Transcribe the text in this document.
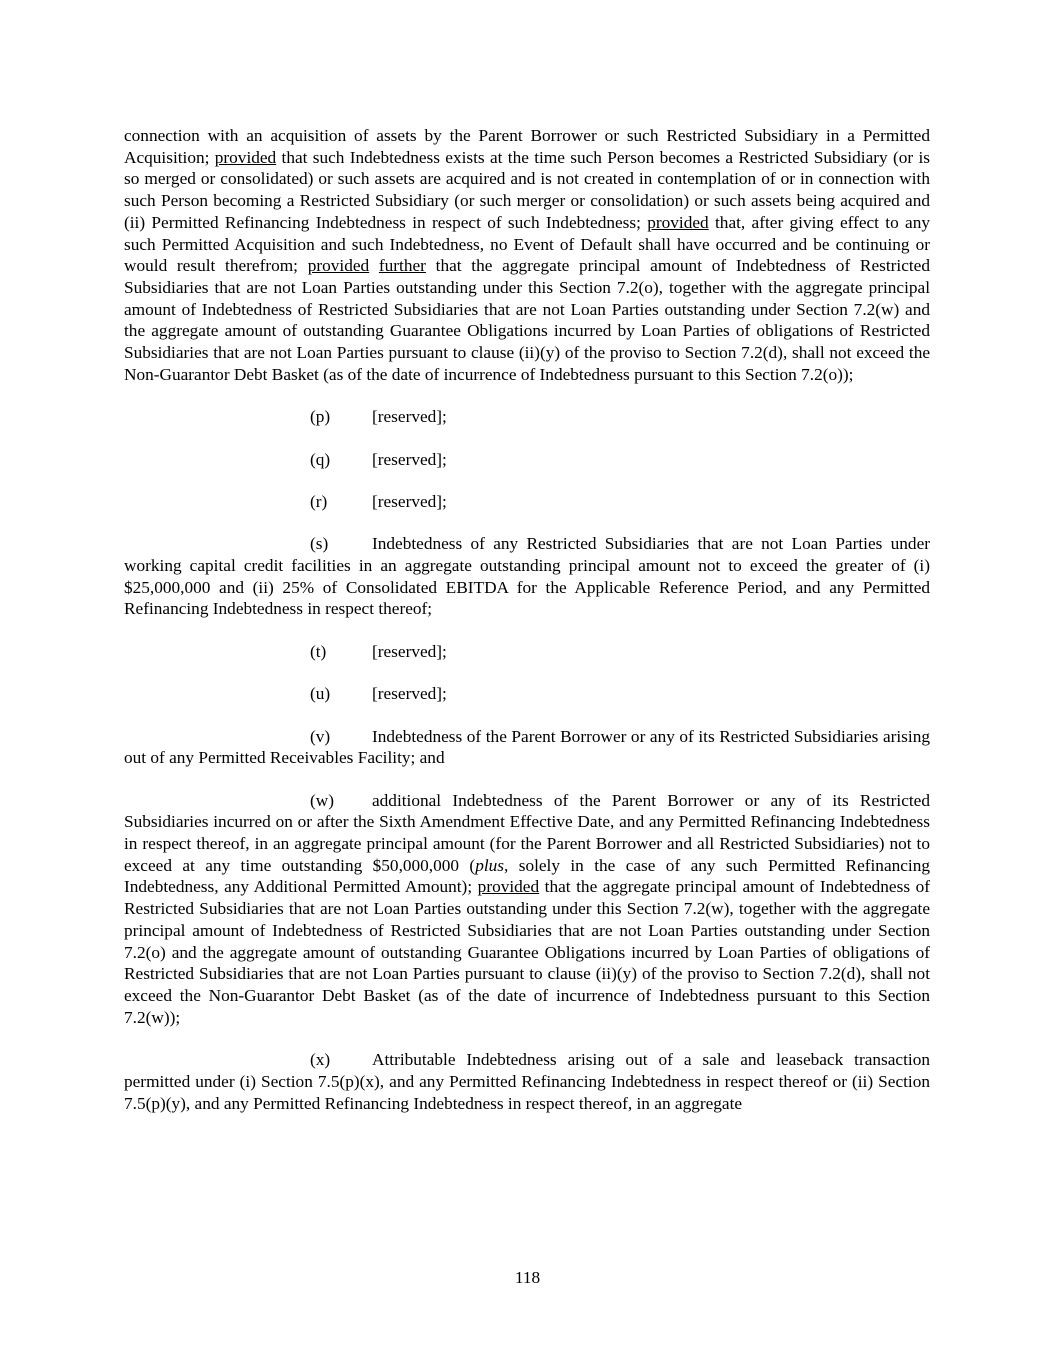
connection with an acquisition of assets by the Parent Borrower or such Restricted Subsidiary in a Permitted Acquisition; provided that such Indebtedness exists at the time such Person becomes a Restricted Subsidiary (or is so merged or consolidated) or such assets are acquired and is not created in contemplation of or in connection with such Person becoming a Restricted Subsidiary (or such merger or consolidation) or such assets being acquired and (ii) Permitted Refinancing Indebtedness in respect of such Indebtedness; provided that, after giving effect to any such Permitted Acquisition and such Indebtedness, no Event of Default shall have occurred and be continuing or would result therefrom; provided further that the aggregate principal amount of Indebtedness of Restricted Subsidiaries that are not Loan Parties outstanding under this Section 7.2(o), together with the aggregate principal amount of Indebtedness of Restricted Subsidiaries that are not Loan Parties outstanding under Section 7.2(w) and the aggregate amount of outstanding Guarantee Obligations incurred by Loan Parties of obligations of Restricted Subsidiaries that are not Loan Parties pursuant to clause (ii)(y) of the proviso to Section 7.2(d), shall not exceed the Non-Guarantor Debt Basket (as of the date of incurrence of Indebtedness pursuant to this Section 7.2(o));

(p) [reserved];

(q) [reserved];

(r)	[reserved];

(s)	Indebtedness of any Restricted Subsidiaries that are not Loan Parties under working capital credit facilities in an aggregate outstanding principal amount not to exceed the greater of (i) $25,000,000 and (ii) 25% of Consolidated EBITDA for the Applicable Reference Period, and any Permitted Refinancing Indebtedness in respect thereof;

(t)	[reserved];

(u) [reserved];

(v) Indebtedness of the Parent Borrower or any of its Restricted Subsidiaries arising out of any Permitted Receivables Facility; and

(w) additional Indebtedness of the Parent Borrower or any of its Restricted Subsidiaries incurred on or after the Sixth Amendment Effective Date, and any Permitted Refinancing Indebtedness in respect thereof, in an aggregate principal amount (for the Parent Borrower and all Restricted Subsidiaries) not to exceed at any time outstanding $50,000,000 (plus, solely in the case of any such Permitted Refinancing Indebtedness, any Additional Permitted Amount); provided that the aggregate principal amount of Indebtedness of Restricted Subsidiaries that are not Loan Parties outstanding under this Section 7.2(w), together with the aggregate principal amount of Indebtedness of Restricted Subsidiaries that are not Loan Parties outstanding under Section 7.2(o) and the aggregate amount of outstanding Guarantee Obligations incurred by Loan Parties of obligations of Restricted Subsidiaries that are not Loan Parties pursuant to clause (ii)(y) of the proviso to Section 7.2(d), shall not exceed the Non-Guarantor Debt Basket (as of the date of incurrence of Indebtedness pursuant to this Section 7.2(w));

(x) Attributable Indebtedness arising out of a sale and leaseback transaction permitted under (i) Section 7.5(p)(x), and any Permitted Refinancing Indebtedness in respect thereof or (ii) Section 7.5(p)(y), and any Permitted Refinancing Indebtedness in respect thereof, in an aggregate

118
